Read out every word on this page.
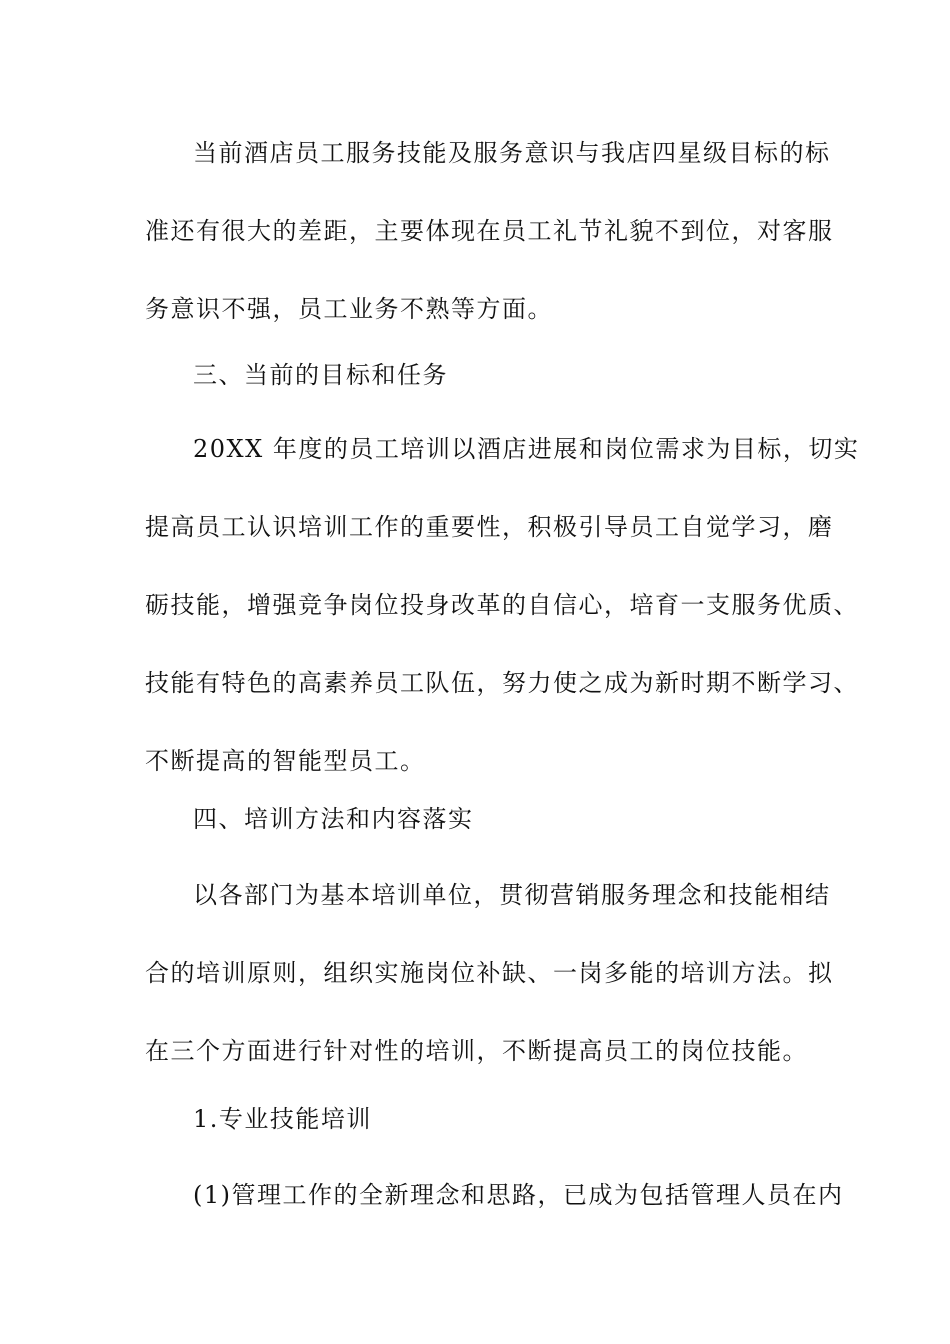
当前酒店员工服务技能及服务意识与我店四星级目标的标
准还有很大的差距，主要体现在员工礼节礼貌不到位，对客服
务意识不强，员工业务不熟等方面。
三、当前的目标和任务
20XX 年度的员工培训以酒店进展和岗位需求为目标，切实
提高员工认识培训工作的重要性，积极引导员工自觉学习，磨
砺技能，增强竞争岗位投身改革的自信心，培育一支服务优质、
技能有特色的高素养员工队伍，努力使之成为新时期不断学习、
不断提高的智能型员工。
四、培训方法和内容落实
以各部门为基本培训单位，贯彻营销服务理念和技能相结
合的培训原则，组织实施岗位补缺、一岗多能的培训方法。拟
在三个方面进行针对性的培训，不断提高员工的岗位技能。
1.专业技能培训
(1)管理工作的全新理念和思路，已成为包括管理人员在内
